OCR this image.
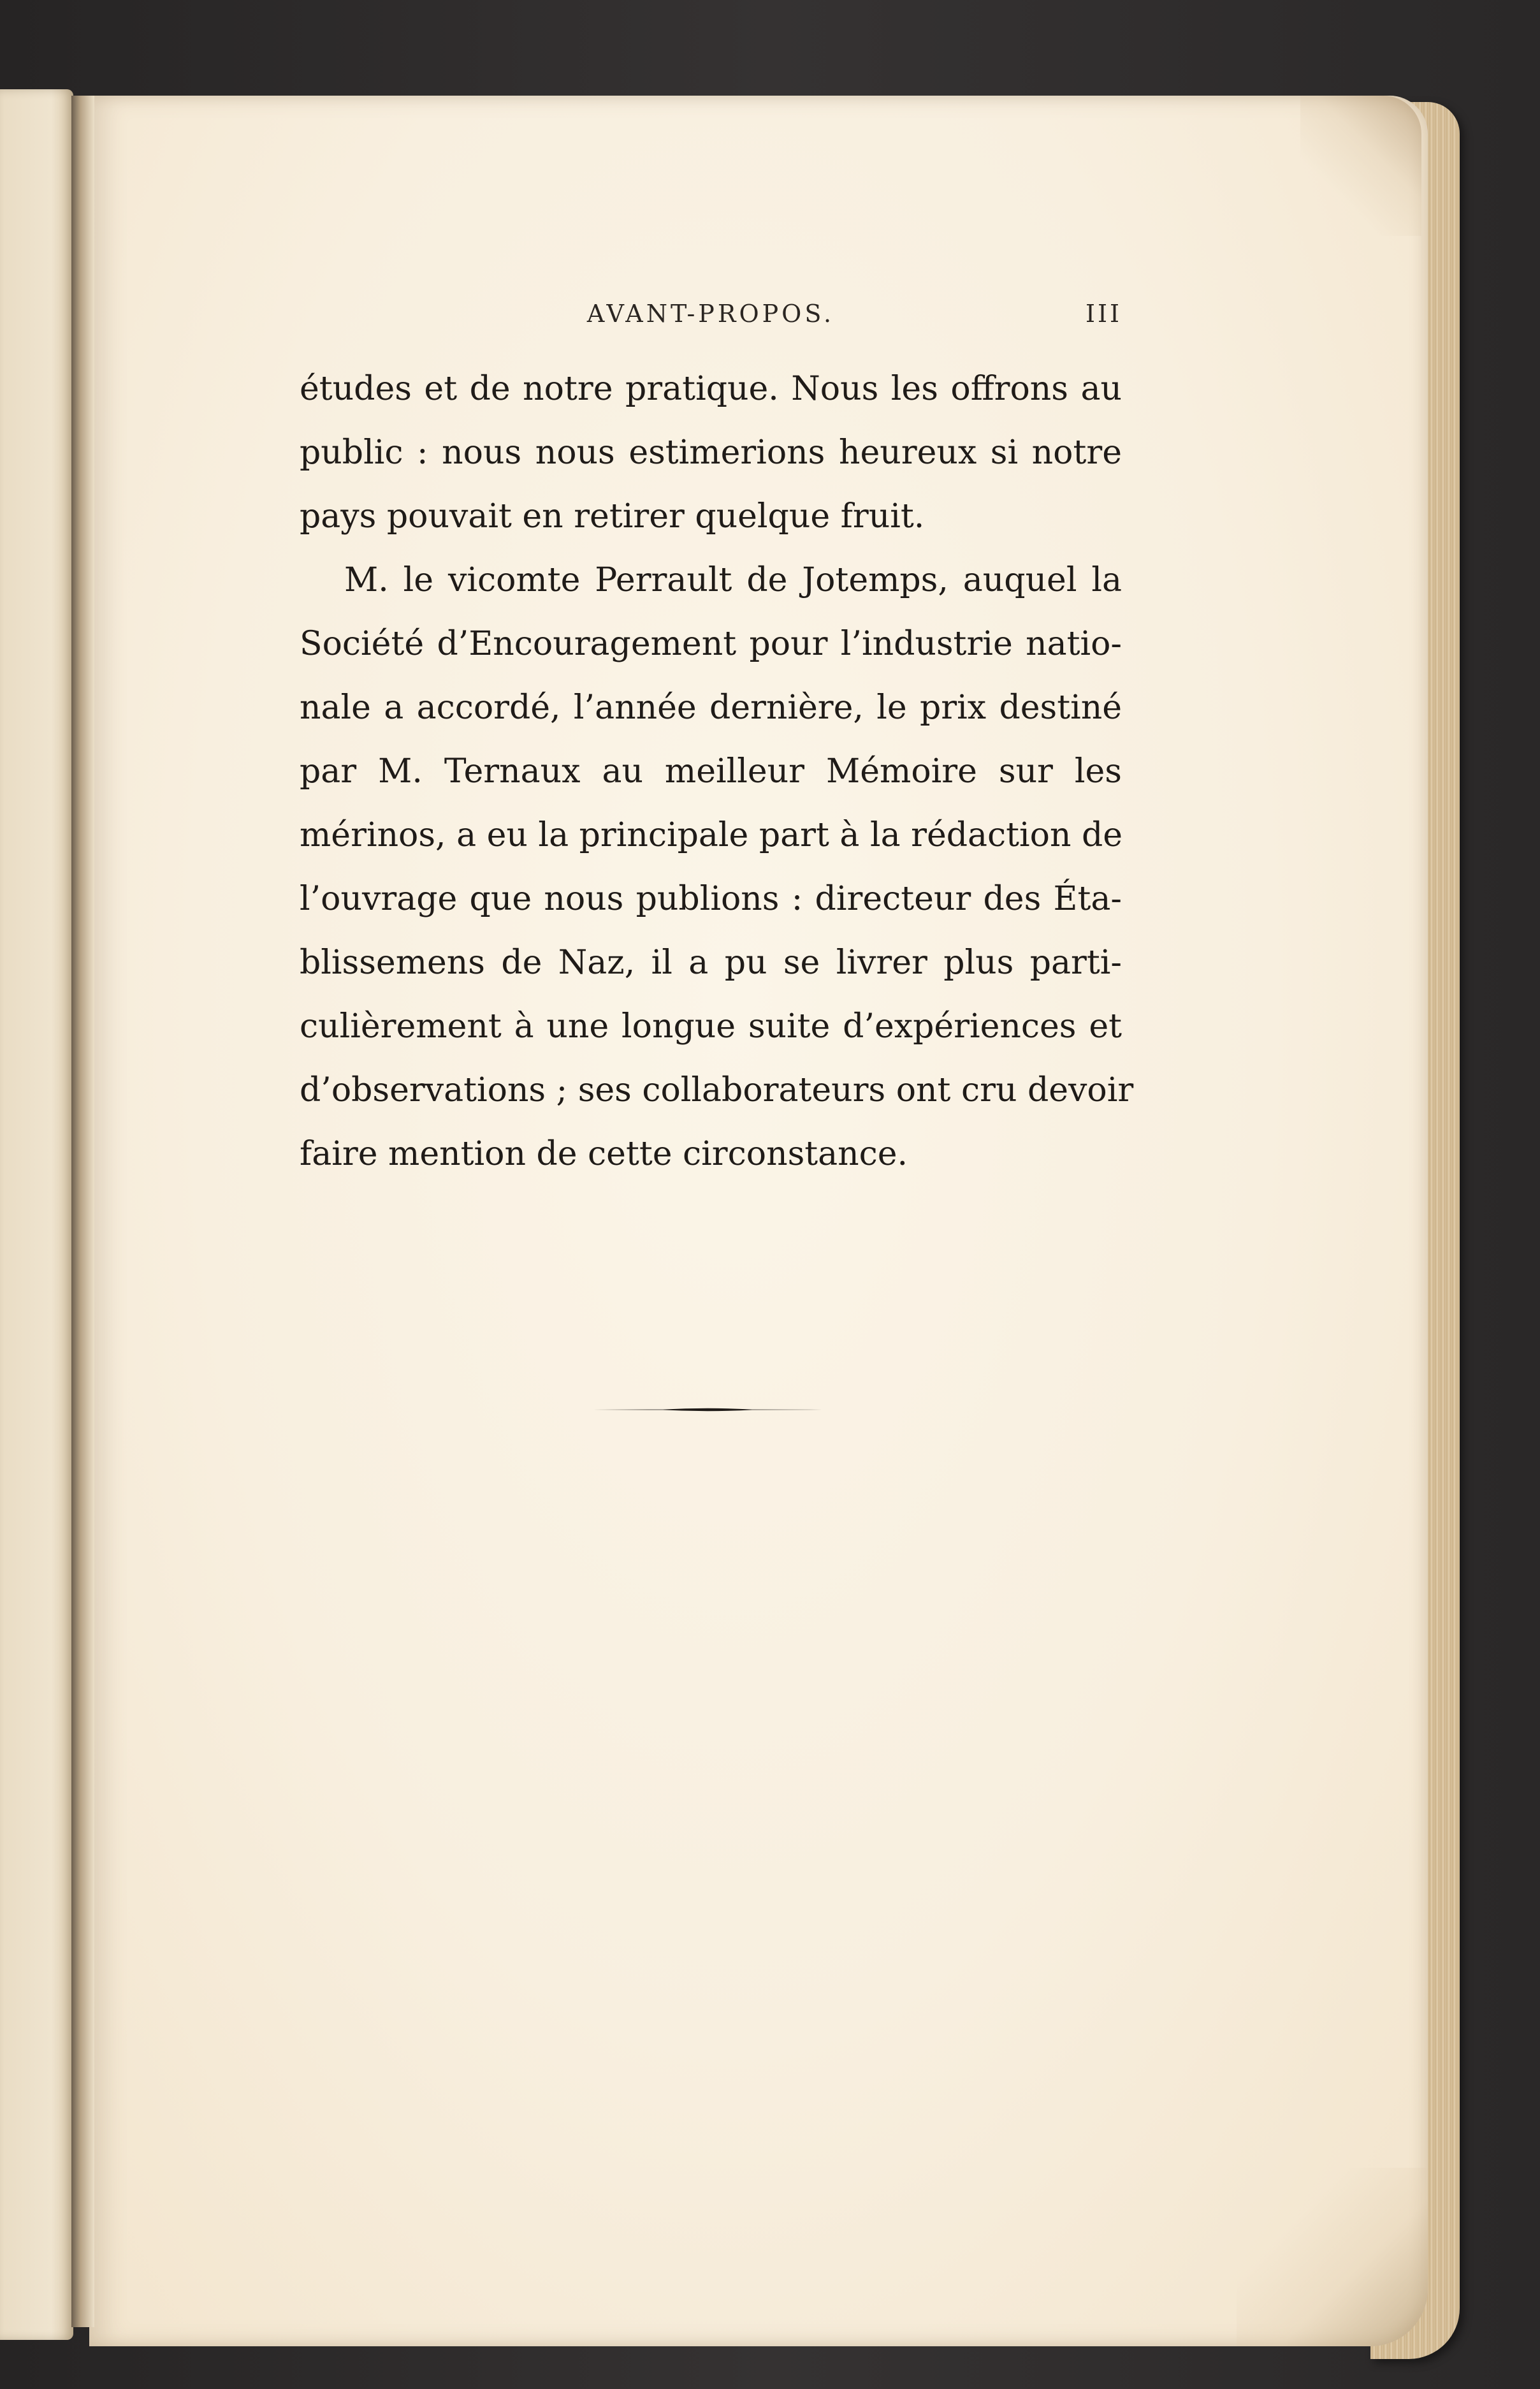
AVANT-PROPOS.	III
études et de notre pratique. Nous les offrons au
public : nous nous estimerions heureux si notre
pays pouvait en retirer quelque fruit.
M. le vicomte Perrault de Jotemps, auquel la
Société d’Encouragement pour l’industrie natio-
nale a accordé, l’année dernière, le prix destiné
par M. Ternaux au meilleur Mémoire sur les
mérinos, a eu la principale part à la rédaction de
l’ouvrage que nous publions : directeur des Éta-
blissemens de Naz, il a pu se livrer plus parti-
culièrement à une longue suite d’expériences et
d’observations ; ses collaborateurs ont cru devoir
faire mention de cette circonstance.
